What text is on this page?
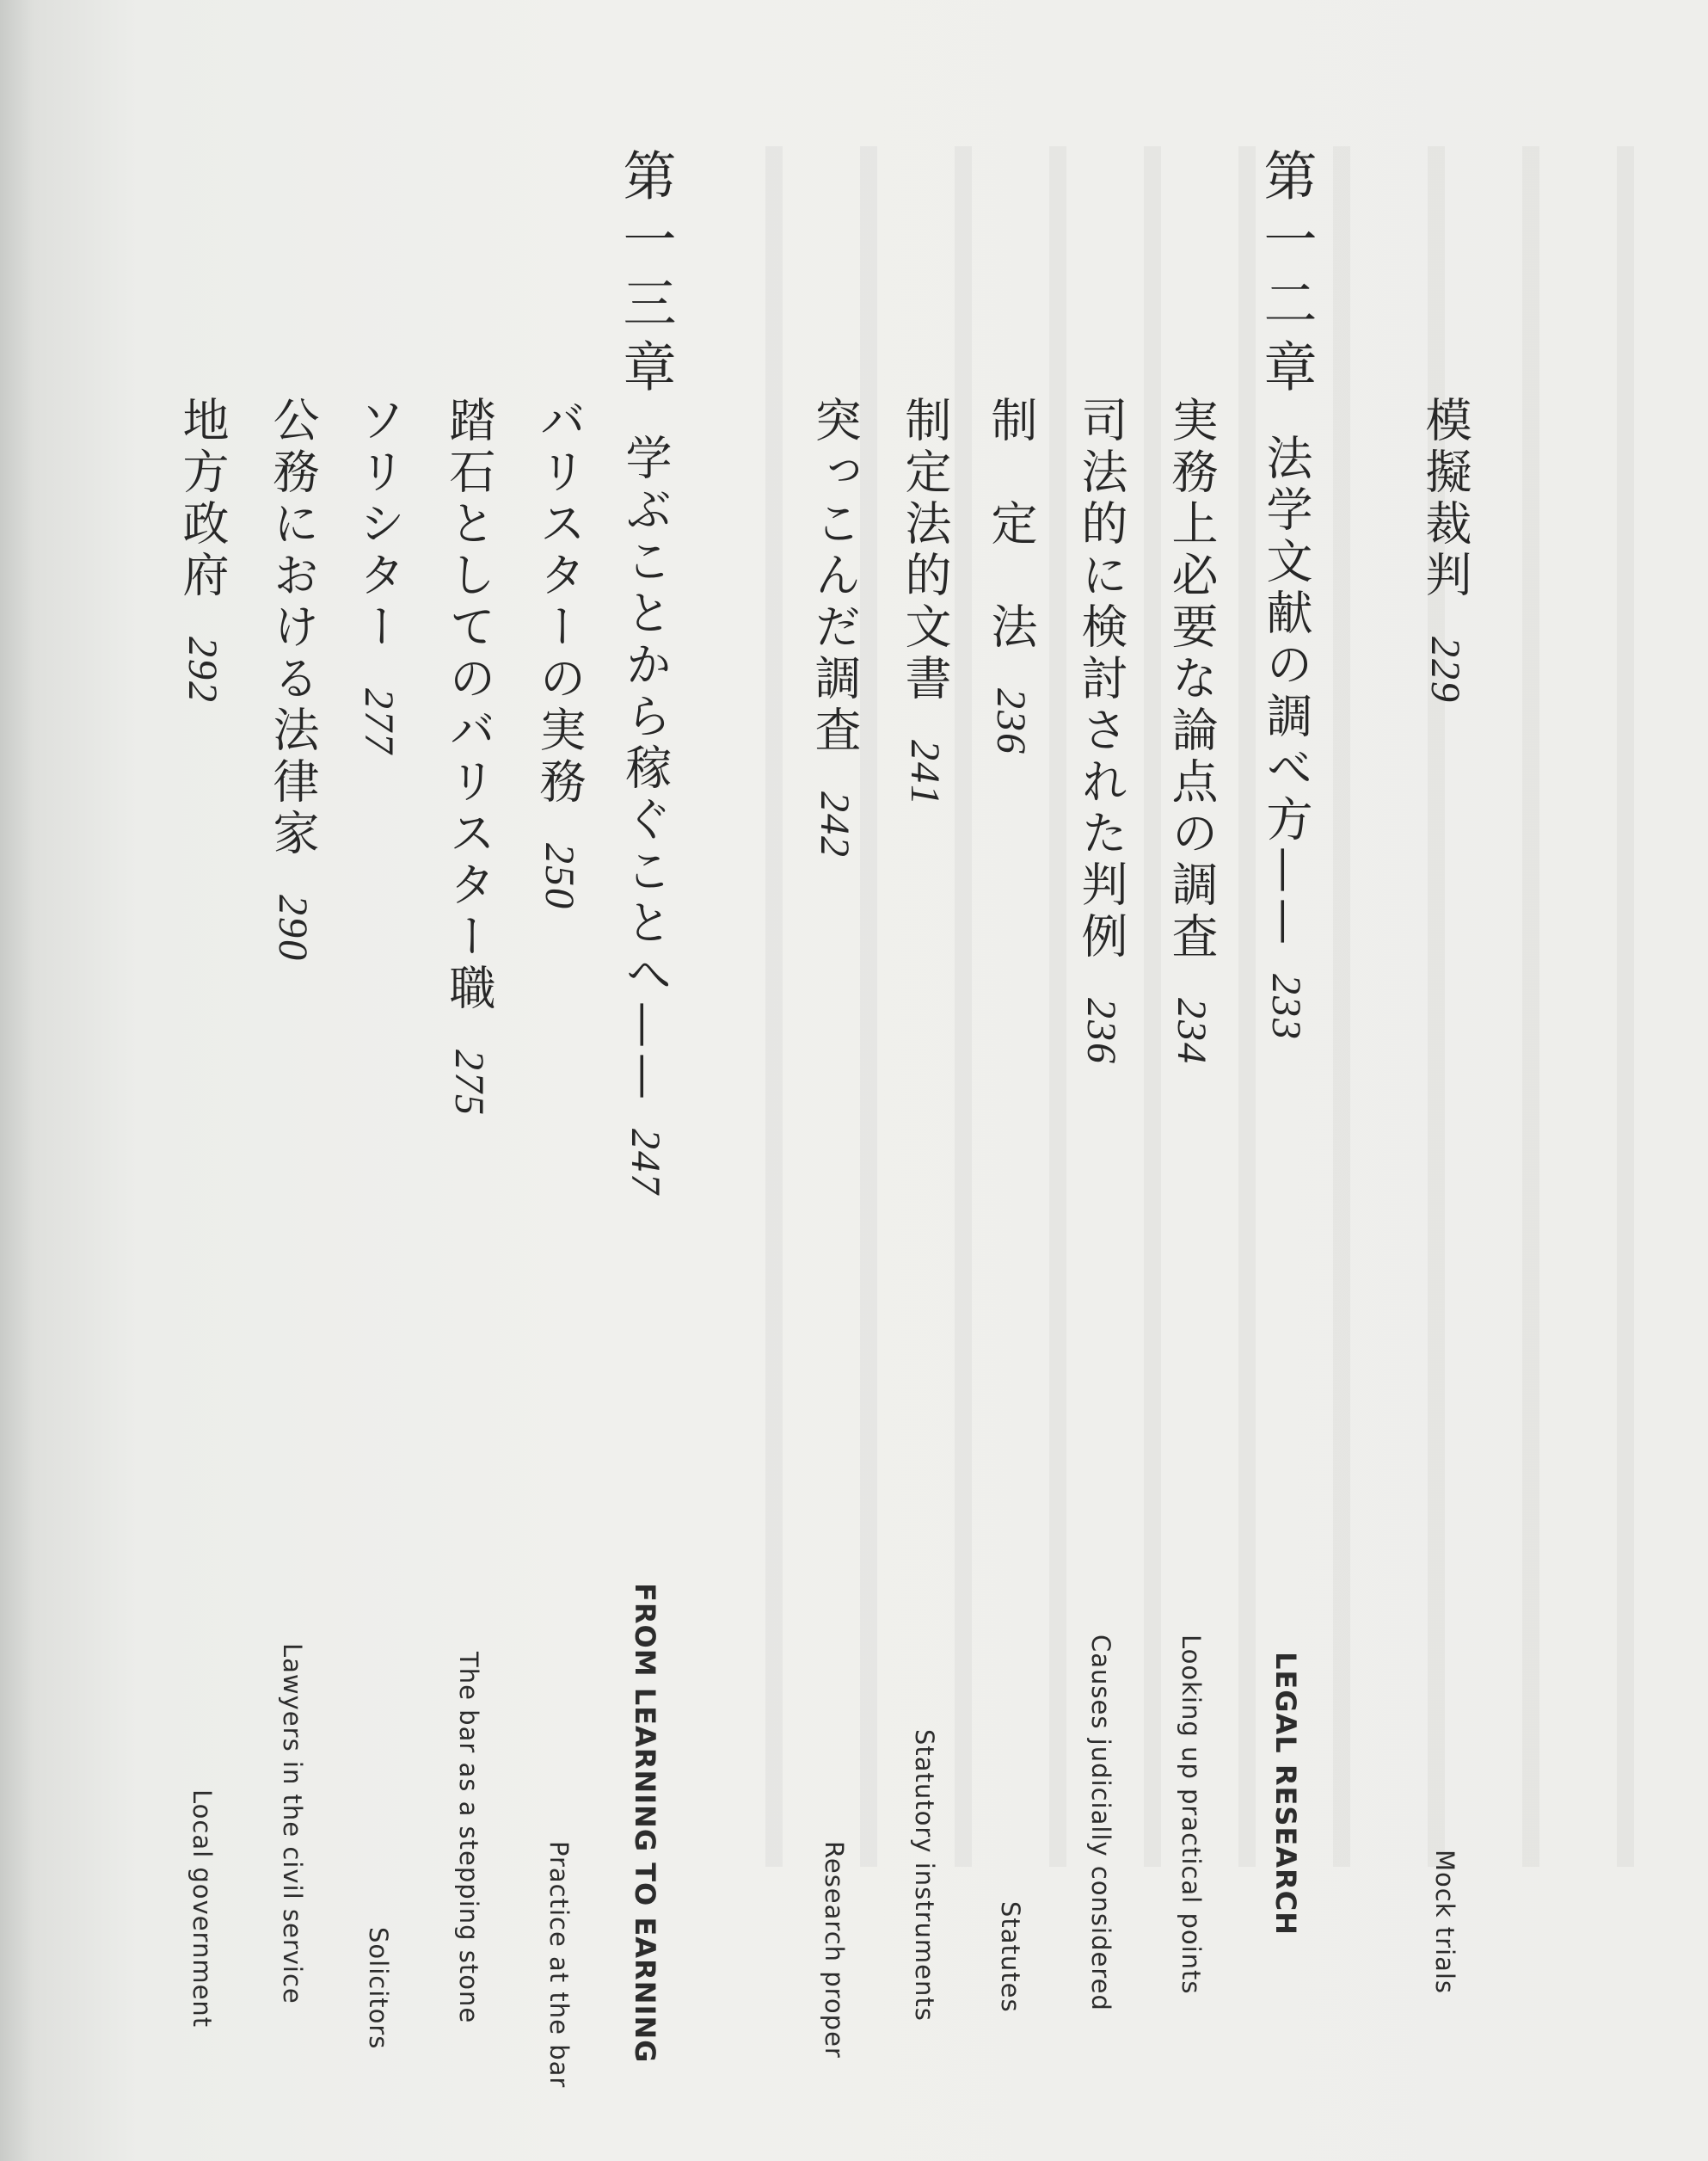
模擬裁判229
第一二章法学文献の調べ方——233
実務上必要な論点の調査234
司法的に検討された判例236
制　定　法236
制定法的文書241
突っこんだ調査242
第一三章学ぶことから稼ぐことへ——247
バリスターの実務250
踏石としてのバリスター職275
ソリシター277
公務における法律家290
地方政府292
Mock trials
LEGAL RESEARCH
Looking up practical points
Causes judicially considered
Statutes
Statutory instruments
Research proper
FROM LEARNING TO EARNING
Practice at the bar
The bar as a stepping stone
Solicitors
Lawyers in the civil service
Local government
